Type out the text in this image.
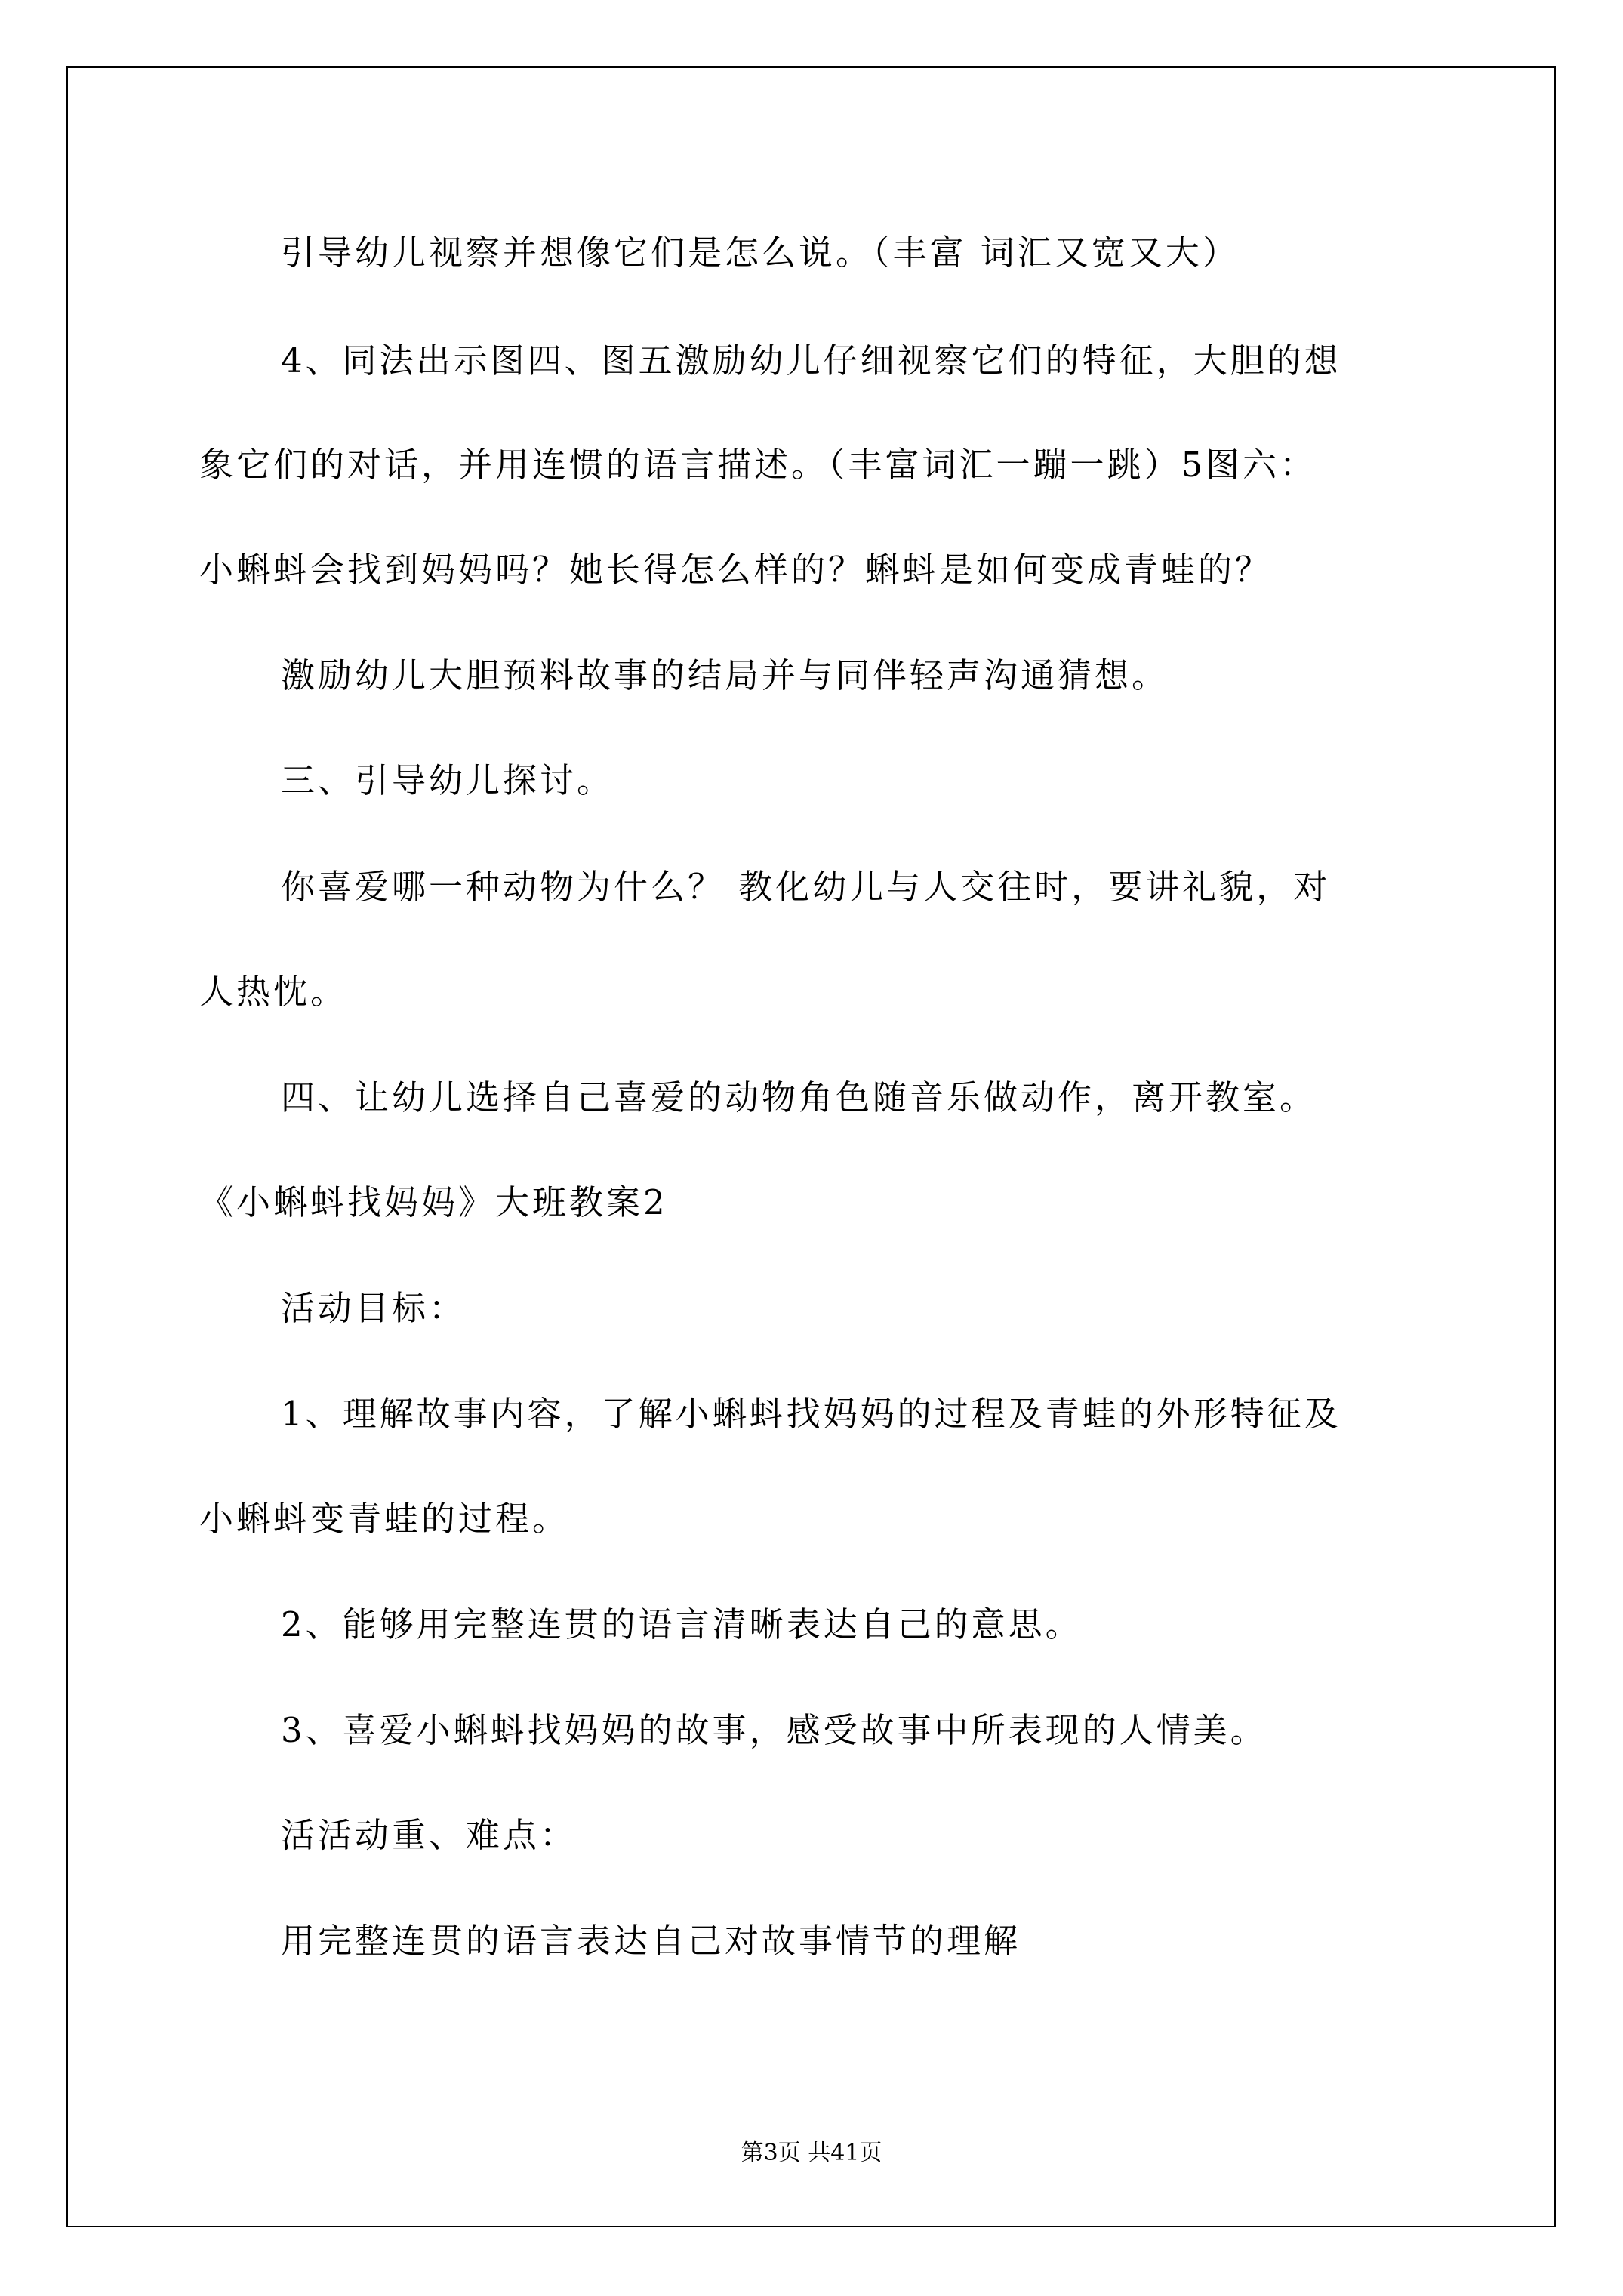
引导幼儿视察并想像它们是怎么说。（丰富 词汇又宽又大）
4、同法出示图四、图五激励幼儿仔细视察它们的特征，大胆的想
象它们的对话，并用连惯的语言描述。（丰富词汇一蹦一跳）5图六：
小蝌蚪会找到妈妈吗？她长得怎么样的？蝌蚪是如何变成青蛙的？
激励幼儿大胆预料故事的结局并与同伴轻声沟通猜想。
三、引导幼儿探讨。
你喜爱哪一种动物为什么？ 教化幼儿与人交往时，要讲礼貌，对
人热忱。
四、让幼儿选择自己喜爱的动物角色随音乐做动作，离开教室。
《小蝌蚪找妈妈》大班教案2
活动目标：
1、理解故事内容，了解小蝌蚪找妈妈的过程及青蛙的外形特征及
小蝌蚪变青蛙的过程。
2、能够用完整连贯的语言清晰表达自己的意思。
3、喜爱小蝌蚪找妈妈的故事，感受故事中所表现的人情美。
活活动重、难点：
用完整连贯的语言表达自己对故事情节的理解
第3页 共41页
